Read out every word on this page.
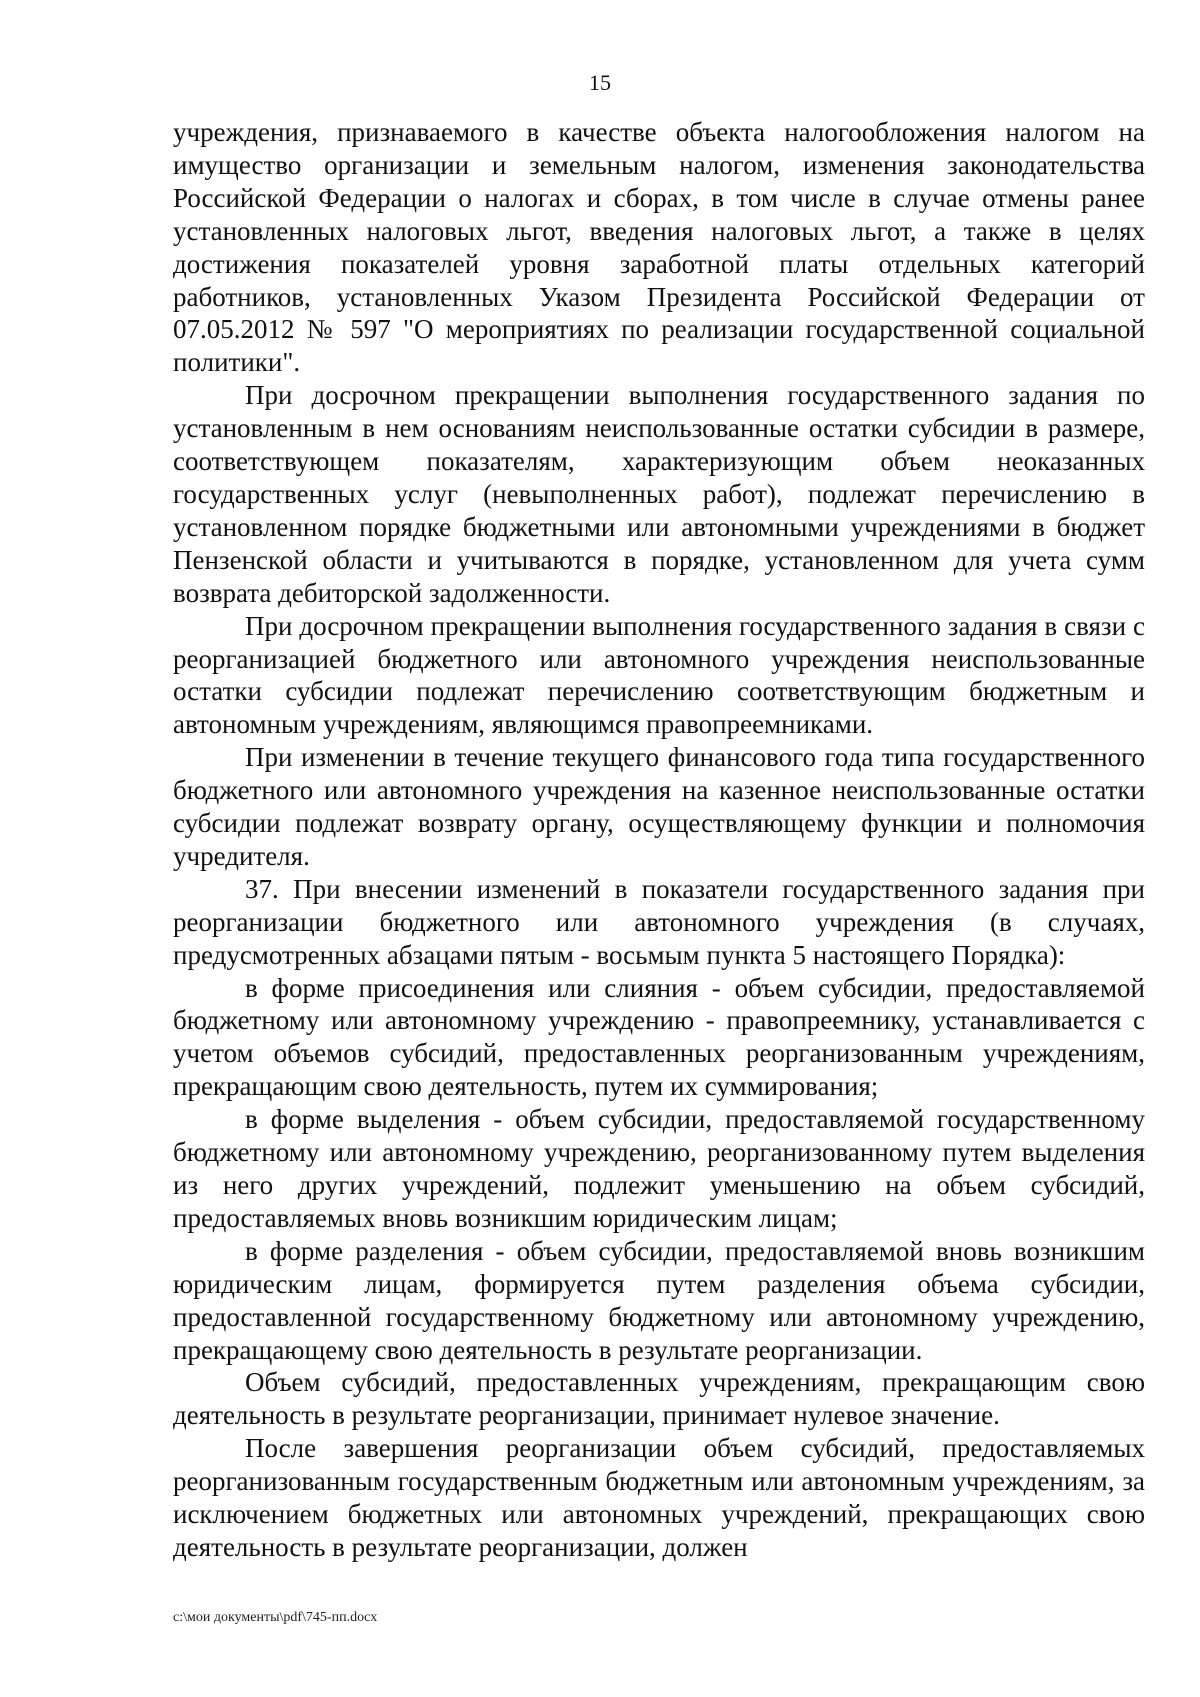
15

учреждения, признаваемого в качестве объекта налогообложения налогом на имущество организации и земельным налогом, изменения законодательства Российской Федерации о налогах и сборах, в том числе в случае отмены ранее установленных налоговых льгот, введения налоговых льгот, а также в целях достижения показателей уровня заработной платы отдельных категорий работников, установленных Указом Президента Российской Федерации от 07.05.2012 № 597 "О мероприятиях по реализации государственной социальной политики".

При досрочном прекращении выполнения государственного задания по установленным в нем основаниям неиспользованные остатки субсидии в размере, соответствующем показателям, характеризующим объем неоказанных государственных услуг (невыполненных работ), подлежат перечислению в установленном порядке бюджетными или автономными учреждениями в бюджет Пензенской области и учитываются в порядке, установленном для учета сумм возврата дебиторской задолженности.

При досрочном прекращении выполнения государственного задания в связи с реорганизацией бюджетного или автономного учреждения неиспользованные остатки субсидии подлежат перечислению соответствующим бюджетным и автономным учреждениям, являющимся правопреемниками.

При изменении в течение текущего финансового года типа государственного бюджетного или автономного учреждения на казенное неиспользованные остатки субсидии подлежат возврату органу, осуществляющему функции и полномочия учредителя.

37. При внесении изменений в показатели государственного задания при реорганизации бюджетного или автономного учреждения (в случаях, предусмотренных абзацами пятым - восьмым пункта 5 настоящего Порядка):

в форме присоединения или слияния - объем субсидии, предоставляемой бюджетному или автономному учреждению - правопреемнику, устанавливается с учетом объемов субсидий, предоставленных реорганизованным учреждениям, прекращающим свою деятельность, путем их суммирования;

в форме выделения - объем субсидии, предоставляемой государственному бюджетному или автономному учреждению, реорганизованному путем выделения из него других учреждений, подлежит уменьшению на объем субсидий, предоставляемых вновь возникшим юридическим лицам;

в форме разделения - объем субсидии, предоставляемой вновь возникшим юридическим лицам, формируется путем разделения объема субсидии, предоставленной государственному бюджетному или автономному учреждению, прекращающему свою деятельность в результате реорганизации.

Объем субсидий, предоставленных учреждениям, прекращающим свою деятельность в результате реорганизации, принимает нулевое значение.

После завершения реорганизации объем субсидий, предоставляемых реорганизованным государственным бюджетным или автономным учреждениям, за исключением бюджетных или автономных учреждений, прекращающих свою деятельность в результате реорганизации, должен

c:\мои документы\pdf\745-пп.docx
